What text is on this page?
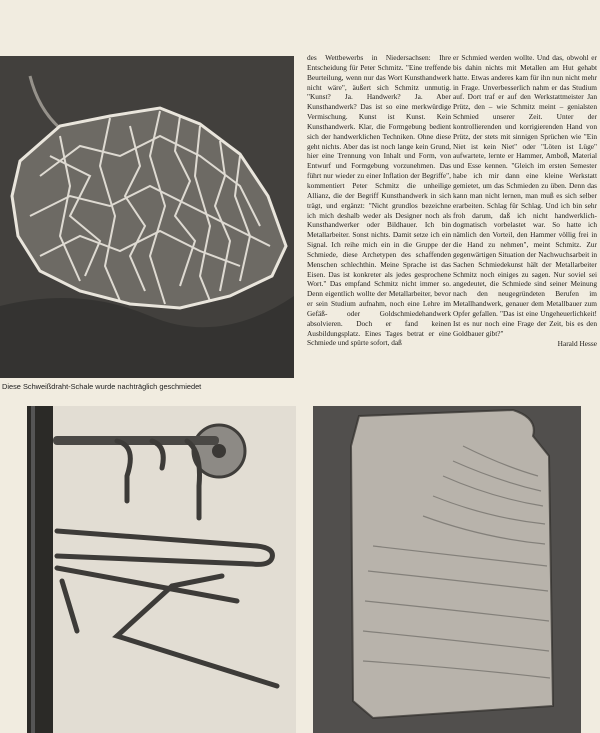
Diese Schweißdraht-Schale wurde nachträglich geschmiedet

des Wettbewerbs in Niedersachsen: Ihre Entscheidung für Peter Schmitz. "Eine treffende Beurteilung, wenn nur das Wort Kunsthandwerk nicht wäre", äußert sich Schmitz unmutig. "Kunst? Ja. Handwerk? Ja. Aber Kunsthandwerk? Das ist so eine merkwürdige Vermischung. Kunst ist Kunst. Kein Kunsthandwerk. Klar, die Formgebung bedient sich der handwerklichen Techniken. Ohne diese geht nichts. Aber das ist noch lange kein Grund, hier eine Trennung von Inhalt und Form, von Entwurf und Formgebung vorzunehmen. Das führt nur wieder zu einer Inflation der Begriffe", kommentiert Peter Schmitz die unheilige Allianz, die der Begriff Kunsthandwerk in sich trägt, und ergänzt: "Nicht grundlos bezeichne ich mich deshalb weder als Designer noch als Kunsthandwerker oder Bildhauer. Ich bin Metallarbeiter. Sonst nichts. Damit setze ich ein Signal. Ich reihe mich ein in die Gruppe der Schmiede, diese Archetypen des schaffenden Menschen schlechthin. Meine Sprache ist das Eisen. Das ist konkreter als jedes gesprochene Wort." Das empfand Schmitz nicht immer so. Denn eigentlich wollte der Metallarbeiter, bevor er sein Studium aufnahm, noch eine Lehre im Gefäß- oder Goldschmiedehandwerk absolvieren. Doch er fand keinen Ausbildungsplatz. Eines Tages betrat er eine Schmiede und spürte sofort, daß

er Schmied werden wollte. Und das, obwohl er bis dahin nichts mit Metallen am Hut gehabt hatte. Etwas anderes kam für ihn nun nicht mehr in Frage. Unverbesserlich nahm er das Studium auf. Dort traf er auf den Werkstattmeister Jan Prütz, den – wie Schmitz meint – genialsten Schmied unserer Zeit. Unter der kontrollierenden und korrigierenden Hand von Prütz, der stets mit sinnigen Sprüchen wie "Ein Niet ist kein Niet" oder "Löten ist Lüge" aufwartete, lernte er Hammer, Amboß, Material und Esse kennen. "Gleich im ersten Semester habe ich mir dann eine kleine Werkstatt gemietet, um das Schmieden zu üben. Denn das kann man nicht lernen, man muß es sich selber erarbeiten. Schlag für Schlag. Und ich bin sehr froh darum, daß ich nicht handwerklich-dogmatisch vorbelastet war. So hatte ich nämlich den Vorteil, den Hammer völlig frei in die Hand zu nehmen", meint Schmitz. Zur gegenwärtigen Situation der Nachwuchsarbeit in Sachen Schmiedekunst hält der Metallarbeiter Schmitz noch einiges zu sagen. Nur soviel sei angedeutet, die Schmiede sind seiner Meinung nach den neugegründeten Berufen im Metallhandwerk, genauer dem Metallbauer zum Opfer gefallen. "Das ist eine Ungeheuerlichkeit! Ist es nur noch eine Frage der Zeit, bis es den Goldbauer gibt?"

Harald Hesse
